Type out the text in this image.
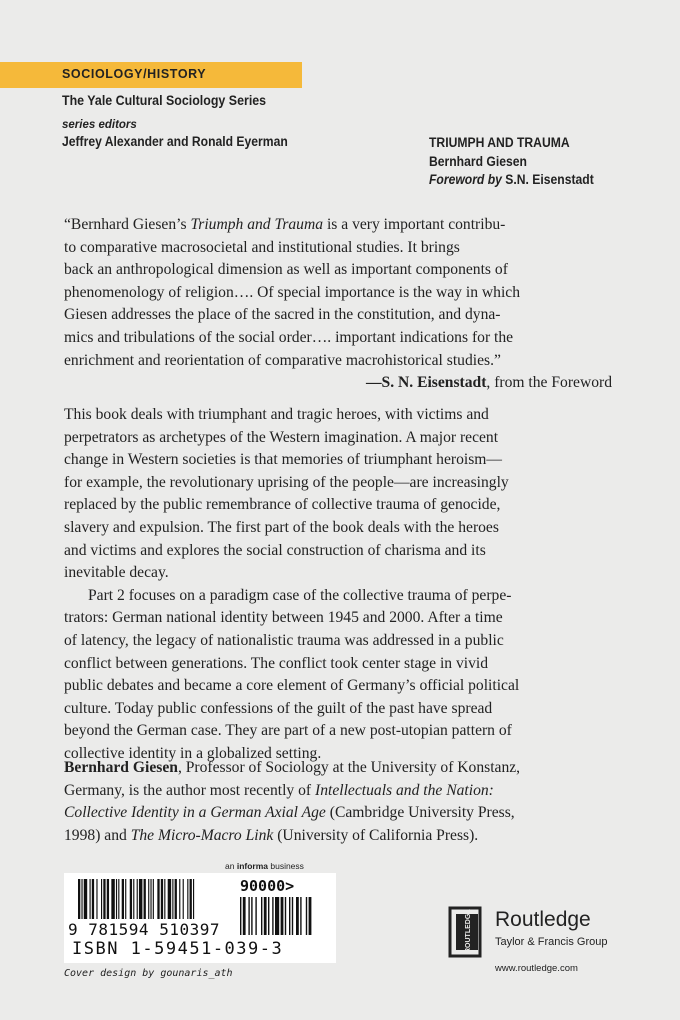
SOCIOLOGY/HISTORY
The Yale Cultural Sociology Series
series editors
Jeffrey Alexander and Ronald Eyerman	TRIUMPH AND TRAUMA
Bernhard Giesen
Foreword by S.N. Eisenstadt
“Bernhard Giesen’s Triumph and Trauma is a very important contribu-
to comparative macrosocietal and institutional studies. It brings
back an anthropological dimension as well as important components of
phenomenology of religion…. Of special importance is the way in which
Giesen addresses the place of the sacred in the constitution, and dyna-
mics and tribulations of the social order…. important indications for the
enrichment and reorientation of comparative macrohistorical studies.”
—S. N. Eisenstadt, from the Foreword
This book deals with triumphant and tragic heroes, with victims and
perpetrators as archetypes of the Western imagination. A major recent
change in Western societies is that memories of triumphant heroism—
for example, the revolutionary uprising of the people—are increasingly
replaced by the public remembrance of collective trauma of genocide,
slavery and expulsion. The first part of the book deals with the heroes
and victims and explores the social construction of charisma and its
inevitable decay.
Part 2 focuses on a paradigm case of the collective trauma of perpe-
trators: German national identity between 1945 and 2000. After a time
of latency, the legacy of nationalistic trauma was addressed in a public
conflict between generations. The conflict took center stage in vivid
public debates and became a core element of Germany’s official political
culture. Today public confessions of the guilt of the past have spread
beyond the German case. They are part of a new post-utopian pattern of
collective identity in a globalized setting.
Bernhard Giesen, Professor of Sociology at the University of Konstanz,
Germany, is the author most recently of Intellectuals and the Nation:
Collective Identity in a German Axial Age (Cambridge University Press,
1998) and The Micro-Macro Link (University of California Press).
an informa business
90000>
9 781594 510397
ISBN 1-59451-039-3
Cover design by gounaris_ath
ROUTLEDGE Routledge
Taylor & Francis Group
www.routledge.com
